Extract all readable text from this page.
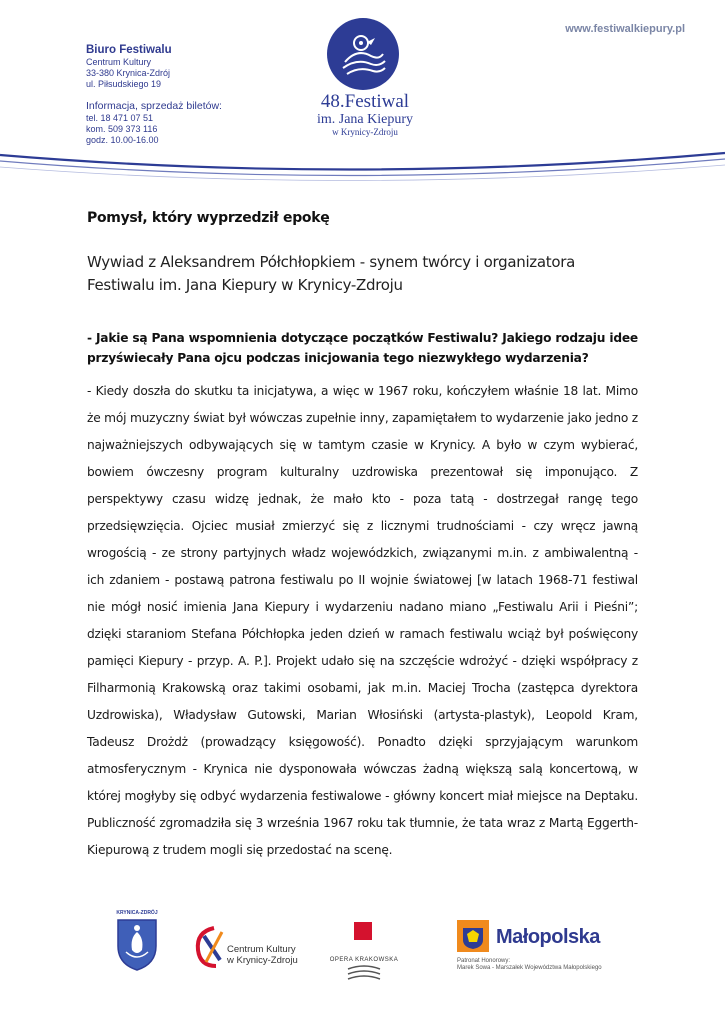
www.festiwalkiepury.pl
Biuro Festiwalu
Centrum Kultury
33-380 Krynica-Zdrój
ul. Piłsudskiego 19
Informacja, sprzedaż biletów:
tel. 18 471 07 51
kom. 509 373 116
godz. 10.00-16.00
48.Festiwal
im. Jana Kiepury
w Krynicy-Zdroju
Pomysł, który wyprzedził epokę
Wywiad z Aleksandrem Półchłopkiem - synem twórcy i organizatora Festiwalu im. Jana Kiepury w Krynicy-Zdroju
- Jakie są Pana wspomnienia dotyczące początków Festiwalu? Jakiego rodzaju idee przyświecały Pana ojcu podczas inicjowania tego niezwykłego wydarzenia?
- Kiedy doszła do skutku ta inicjatywa, a więc w 1967 roku, kończyłem właśnie 18 lat. Mimo że mój muzyczny świat był wówczas zupełnie inny, zapamiętałem to wydarzenie jako jedno z najważniejszych odbywających się w tamtym czasie w Krynicy. A było w czym wybierać, bowiem ówczesny program kulturalny uzdrowiska prezentował się imponująco. Z perspektywy czasu widzę jednak, że mało kto - poza tatą - dostrzegał rangę tego przedsięwzięcia. Ojciec musiał zmierzyć się z licznymi trudnościami - czy wręcz jawną wrogością - ze strony partyjnych władz wojewódzkich, związanymi m.in. z ambiwalentną - ich zdaniem - postawą patrona festiwalu po II wojnie światowej [w latach 1968-71 festiwal nie mógł nosić imienia Jana Kiepury i wydarzeniu nadano miano „Festiwalu Arii i Pieśni”; dzięki staraniom Stefana Półchłopka jeden dzień w ramach festiwalu wciąż był poświęcony pamięci Kiepury - przyp. A. P.]. Projekt udało się na szczęście wdrożyć - dzięki współpracy z Filharmonią Krakowską oraz takimi osobami, jak m.in. Maciej Trocha (zastępca dyrektora Uzdrowiska), Władysław Gutowski, Marian Włosiński (artysta-plastyk), Leopold Kram, Tadeusz Drożdż (prowadzący księgowość). Ponadto dzięki sprzyjającym warunkom atmosferycznym - Krynica nie dysponowała wówczas żadną większą salą koncertową, w której mogłyby się odbyć wydarzenia festiwalowe - główny koncert miał miejsce na Deptaku. Publiczność zgromadziła się 3 września 1967 roku tak tłumnie, że tata wraz z Martą Eggerth-Kiepurową z trudem mogli się przedostać na scenę.
KRYNICA-ZDRÓJ
Centrum Kultury
w Krynicy-Zdroju	OPERA KRAKOWSKA
Małopolska
Patronat Honorowy:
Marek Sowa - Marszałek Województwa Małopolskiego
